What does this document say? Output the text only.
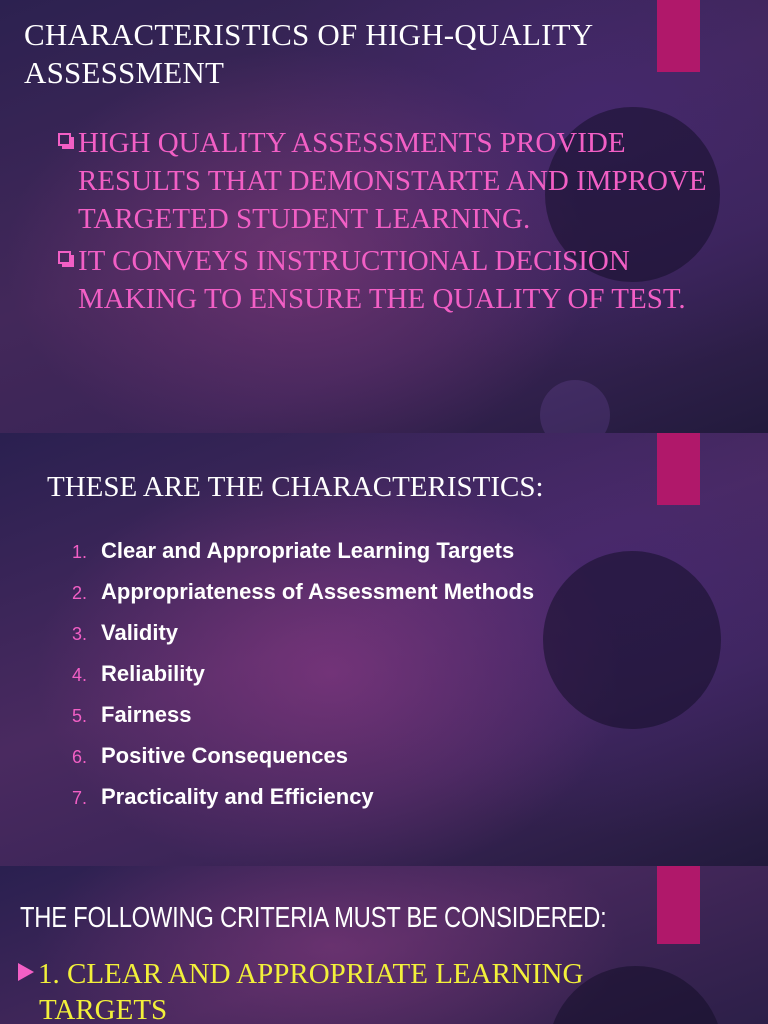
CHARACTERISTICS OF HIGH-QUALITY
ASSESSMENT
HIGH QUALITY ASSESSMENTS PROVIDE RESULTS THAT DEMONSTARTE AND IMPROVE TARGETED STUDENT LEARNING.
IT CONVEYS INSTRUCTIONAL DECISION MAKING TO ENSURE THE QUALITY OF TEST.
THESE ARE THE CHARACTERISTICS:
1. Clear and Appropriate Learning Targets
2. Appropriateness of Assessment Methods
3. Validity
4. Reliability
5. Fairness
6. Positive Consequences
7. Practicality and Efficiency
THE FOLLOWING CRITERIA MUST BE CONSIDERED:
1. CLEAR AND APPROPRIATE LEARNING
TARGETS
